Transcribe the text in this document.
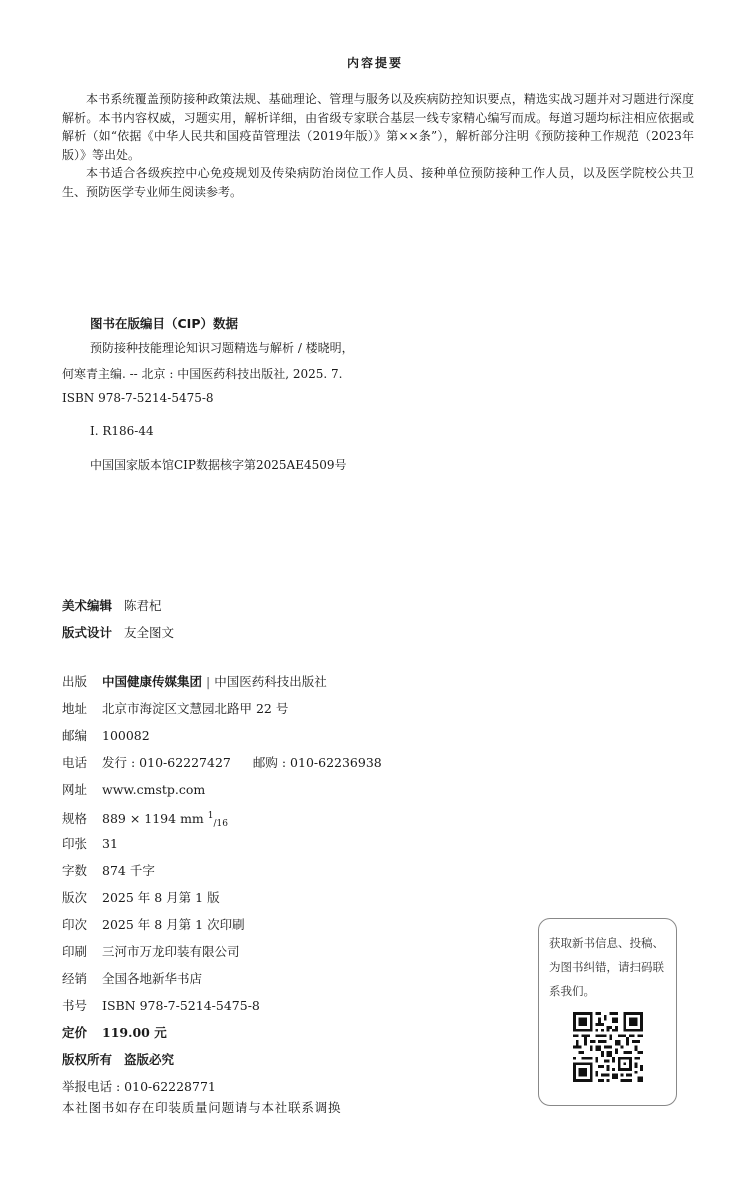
内容提要

本书系统覆盖预防接种政策法规、基础理论、管理与服务以及疾病防控知识要点，精选实战习题并对习题进行深度解析。本书内容权威，习题实用，解析详细，由省级专家联合基层一线专家精心编写而成。每道习题均标注相应依据或解析（如“依据《中华人民共和国疫苗管理法（2019年版）》第××条”），解析部分注明《预防接种工作规范（2023年版）》等出处。

本书适合各级疾控中心免疫规划及传染病防治岗位工作人员、接种单位预防接种工作人员，以及医学院校公共卫生、预防医学专业师生阅读参考。

图书在版编目（CIP）数据
预防接种技能理论知识习题精选与解析 / 楼晓明，
何寒青主编. -- 北京 : 中国医药科技出版社, 2025. 7.
ISBN 978-7-5214-5475-8
Ⅰ. R186-44
中国国家版本馆CIP数据核字第2025AE4509号
美术编辑 陈君杞
版式设计 友全图文
出版 中国健康传媒集团 | 中国医药科技出版社
地址 北京市海淀区文慧园北路甲 22 号
邮编 100082
电话 发行 : 010-62227427 邮购 : 010-62236938
网址 www.cmstp.com
规格 889 × 1194 mm $^1_{/16}$
印张 31
字数 874 千字
版次 2025 年 8 月第 1 版
印次 2025 年 8 月第 1 次印刷
印刷 三河市万龙印装有限公司
经销 全国各地新华书店
书号 ISBN 978-7-5214-5475-8
定价 119.00 元
版权所有 盗版必究
举报电话 : 010-62228771
本社图书如存在印装质量问题请与本社联系调换
获取新书信息、投稿、为图书纠错，请扫码联系我们。
